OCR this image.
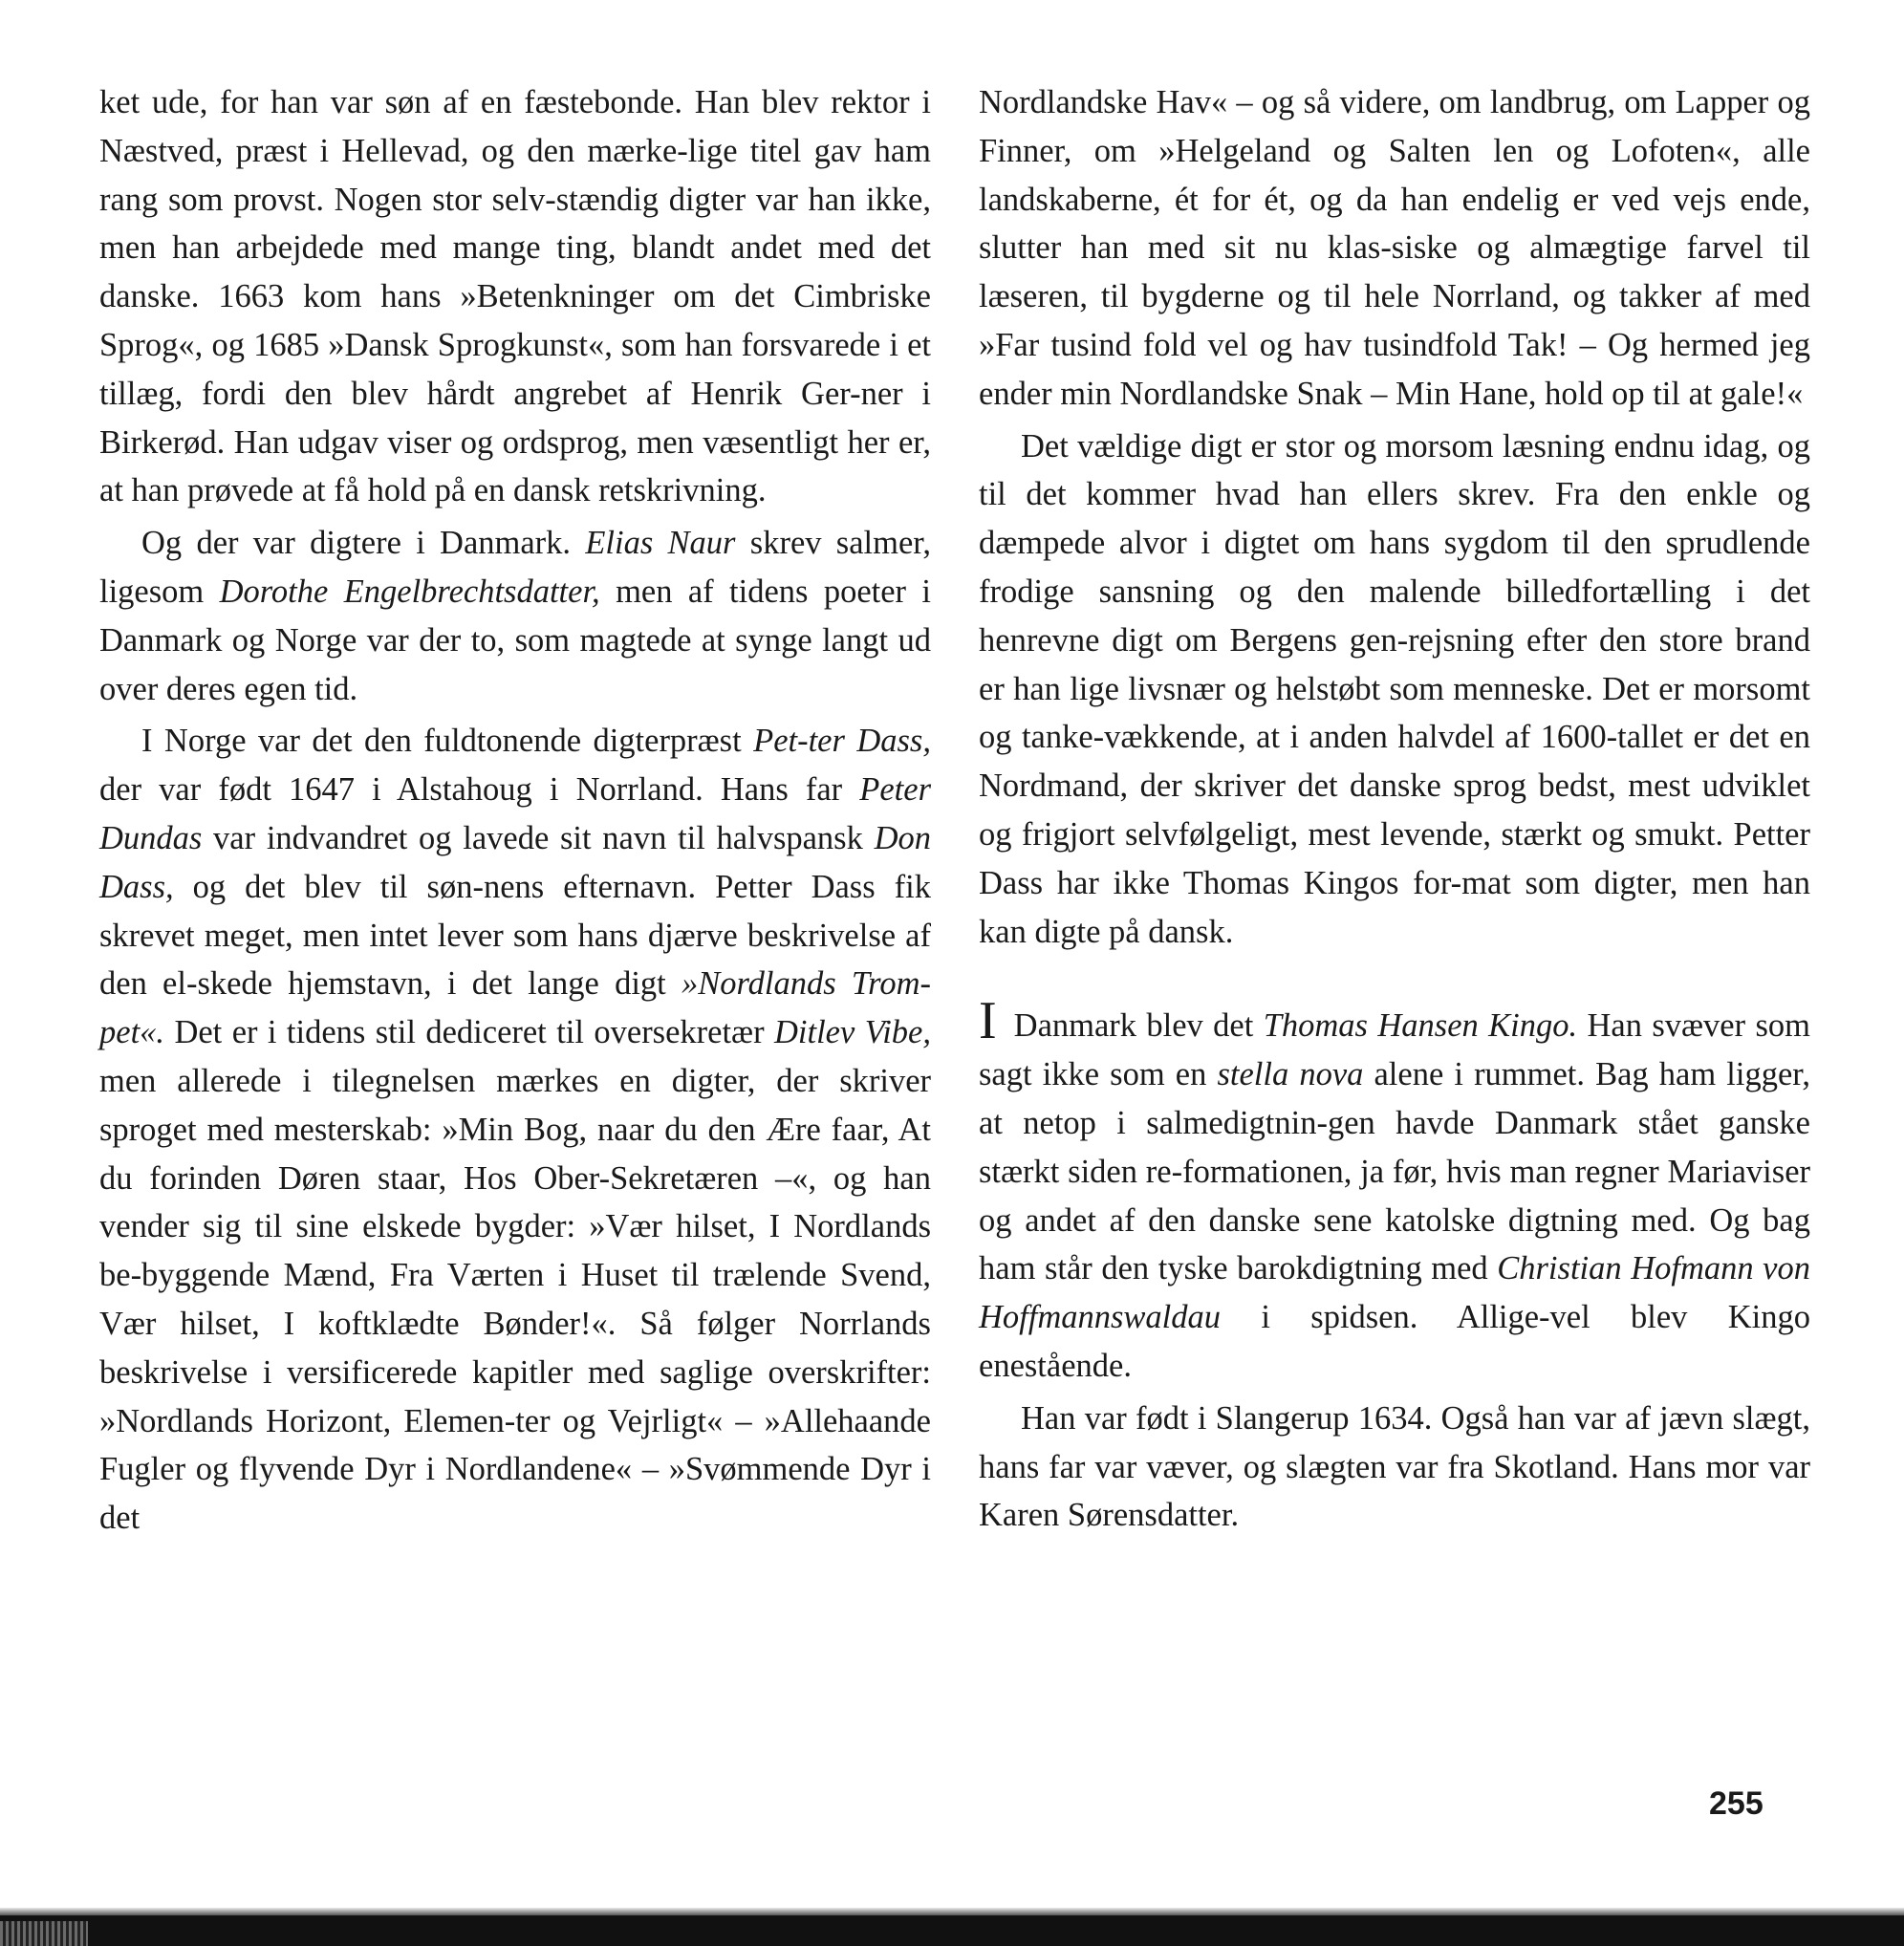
ket ude, for han var søn af en fæstebonde. Han blev rektor i Næstved, præst i Hellevad, og den mærke-lige titel gav ham rang som provst. Nogen stor selv-stændig digter var han ikke, men han arbejdede med mange ting, blandt andet med det danske. 1663 kom hans »Betenkninger om det Cimbriske Sprog«, og 1685 »Dansk Sprogkunst«, som han forsvarede i et tillæg, fordi den blev hårdt angrebet af Henrik Ger-ner i Birkerød. Han udgav viser og ordsprog, men væsentligt her er, at han prøvede at få hold på en dansk retskrivning.

Og der var digtere i Danmark. Elias Naur skrev salmer, ligesom Dorothe Engelbrechtsdatter, men af tidens poeter i Danmark og Norge var der to, som magtede at synge langt ud over deres egen tid.

I Norge var det den fuldtonende digterpræst Pet-ter Dass, der var født 1647 i Alstahoug i Norrland. Hans far Peter Dundas var indvandret og lavede sit navn til halvspansk Don Dass, og det blev til søn-nens efternavn. Petter Dass fik skrevet meget, men intet lever som hans djærve beskrivelse af den el-skede hjemstavn, i det lange digt »Nordlands Trom-pet«. Det er i tidens stil dediceret til oversekretær Ditlev Vibe, men allerede i tilegnelsen mærkes en digter, der skriver sproget med mesterskab: »Min Bog, naar du den Ære faar, At du forinden Døren staar, Hos Ober-Sekretæren –«, og han vender sig til sine elskede bygder: »Vær hilset, I Nordlands be-byggende Mænd, Fra Værten i Huset til trælende Svend, Vær hilset, I koftklædte Bønder!«. Så følger Norrlands beskrivelse i versificerede kapitler med saglige overskrifter: »Nordlands Horizont, Elemen-ter og Vejrligt« – »Allehaande Fugler og flyvende Dyr i Nordlandene« – »Svømmende Dyr i det

Nordlandske Hav« – og så videre, om landbrug, om Lapper og Finner, om »Helgeland og Salten len og Lofoten«, alle landskaberne, ét for ét, og da han endelig er ved vejs ende, slutter han med sit nu klas-siske og almægtige farvel til læseren, til bygderne og til hele Norrland, og takker af med »Far tusind fold vel og hav tusindfold Tak! – Og hermed jeg ender min Nordlandske Snak – Min Hane, hold op til at gale!«

Det vældige digt er stor og morsom læsning endnu idag, og til det kommer hvad han ellers skrev. Fra den enkle og dæmpede alvor i digtet om hans sygdom til den sprudlende frodige sansning og den malende billedfortælling i det henrevne digt om Bergens gen-rejsning efter den store brand er han lige livsnær og helstøbt som menneske. Det er morsomt og tanke-vækkende, at i anden halvdel af 1600-tallet er det en Nordmand, der skriver det danske sprog bedst, mest udviklet og frigjort selvfølgeligt, mest levende, stærkt og smukt. Petter Dass har ikke Thomas Kingos for-mat som digter, men han kan digte på dansk.

I Danmark blev det Thomas Hansen Kingo. Han svæver som sagt ikke som en stella nova alene i rummet. Bag ham ligger, at netop i salmedigtnin-gen havde Danmark stået ganske stærkt siden re-formationen, ja før, hvis man regner Mariaviser og andet af den danske sene katolske digtning med. Og bag ham står den tyske barokdigtning med Christian Hofmann von Hoffmannswaldau i spidsen. Allige-vel blev Kingo enestående.

Han var født i Slangerup 1634. Også han var af jævn slægt, hans far var væver, og slægten var fra Skotland. Hans mor var Karen Sørensdatter.

255
